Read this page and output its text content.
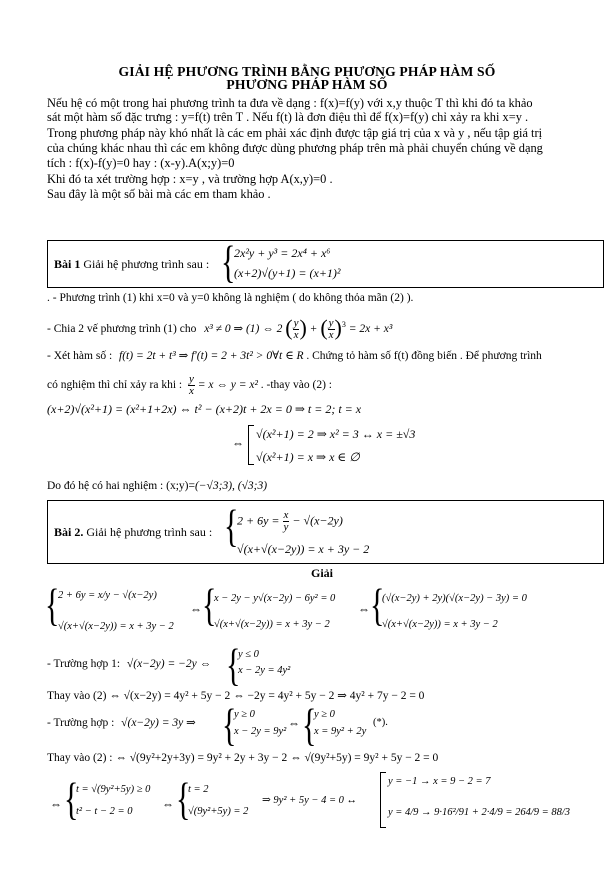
GIẢI HỆ PHƯƠNG TRÌNH BẰNG PHƯƠNG PHÁP HÀM SỐ
PHƯƠNG PHÁP HÀM SỐ
Nếu hệ có một trong hai phương trình ta đưa về dạng : f(x)=f(y) với x,y thuộc T thì khi đó ta khảo
sát một hàm số đặc trưng : y=f(t) trên T . Nếu f(t) là đơn điệu thì để f(x)=f(y) chỉ xảy ra khi x=y .
Trong phương pháp này khó nhất là các em phải xác định được tập giá trị của x và y , nếu tập giá trị
của chúng khác nhau thì các em không được dùng phương pháp trên mà phải chuyển chúng về dạng
tích : f(x)-f(y)=0 hay : (x-y).A(x;y)=0
Khi đó ta xét trường hợp : x=y , và trường hợp A(x,y)=0 .
Sau đây là một số bài mà các em tham khảo .
Bài 1 Giải hệ phương trình sau : {
2x²y + y³ = 2x⁴ + x⁶
(x+2)√(y+1) = (x+1)²
. - Phương trình (1) khi x=0 và y=0 không là nghiệm ( do không thỏa mãn (2) ).
- Chia 2 vế phương trình (1) cho x³ ≠ 0 ⇒ (1) ⇔ 2 ( $\frac{y}{x}$ ) + ( $\frac{y}{x} )^3 = 2x + x^3$
- Xét hàm số : f(t) = 2t + t³ ⇒ f′(t) = 2 + 3t² > 0∀t ∈ R . Chứng tỏ hàm số f(t) đồng biến . Để phương trình
có nghiệm thì chỉ xảy ra khi : $\frac{y}{x} = x$ ⇔ y = x² . -thay vào (2) :
(x+2)√(x²+1) = (x²+1+2x) ⇔ t² − (x+2)t + 2x = 0 ⇒ t = 2; t = x
⇔
√(x²+1) = 2 ⇒ x² = 3 ↔ x = ±√3
√(x²+1) = x ⇒ x ∈ ∅
Do đó hệ có hai nghiệm : (x;y)=(−√3;3), (√3;3)
Bài 2. Giải hệ phương trình sau : {
$2 + 6y = \frac{x}{y} - √(x-2y)$
√(x+√(x−2y)) = x + 3y − 2
Giải
{
2 + 6y = x/y − √(x−2y)
√(x+√(x−2y)) = x + 3y − 2
⇔ {
x − 2y − y√(x−2y) − 6y² = 0
√(x+√(x−2y)) = x + 3y − 2
⇔ {
(√(x−2y) + 2y)(√(x−2y) − 3y) = 0
√(x+√(x−2y)) = x + 3y − 2
- Trường hợp 1: √(x−2y) = −2y ⇔ {
y ≤ 0
x − 2y = 4y²
Thay vào (2) ⇔ √(x−2y) = 4y² + 5y − 2 ⇔ −2y = 4y² + 5y − 2 ⇒ 4y² + 7y − 2 = 0
- Trường hợp : √(x−2y) = 3y ⇒ {
y ≥ 0
x − 2y = 9y²
⇔ {
y ≥ 0
x = 9y² + 2y
(*).
Thay vào (2) : ⇔ √(9y²+2y+3y) = 9y² + 2y + 3y − 2 ⇔ √(9y²+5y) = 9y² + 5y − 2 = 0
⇔ {
t = √(9y²+5y) ≥ 0
t² − t − 2 = 0
⇔ {
t = 2
√(9y²+5y) = 2
⇒ 9y² + 5y − 4 = 0 ↔
y = −1 → x = 9 − 2 = 7
y = 4/9 → 9·16²/91 + 2·4/9 = 264/9 = 88/3
